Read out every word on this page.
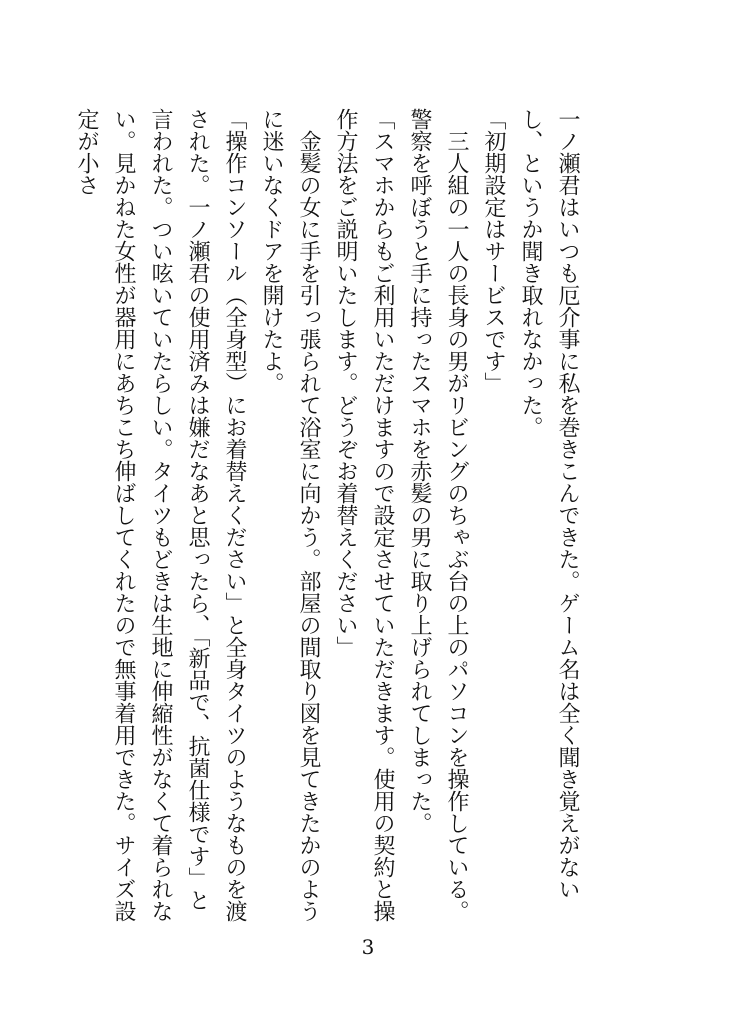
一ノ瀬君はいつも厄介事に私を巻きこんできた。ゲーム名は全く聞き覚えがないし、というか聞き取れなかった。

「初期設定はサービスです」

三人組の一人の長身の男がリビングのちゃぶ台の上のパソコンを操作している。警察を呼ぼうと手に持ったスマホを赤髪の男に取り上げられてしまった。

「スマホからもご利用いただけますので設定させていただきます。使用の契約と操作方法をご説明いたします。どうぞお着替えください」

金髪の女に手を引っ張られて浴室に向かう。部屋の間取り図を見てきたかのように迷いなくドアを開けたよ。

「操作コンソール（全身型）にお着替えください」と全身タイツのようなものを渡された。一ノ瀬君の使用済みは嫌だなあと思ったら、「新品で、抗菌仕様です」と言われた。つい呟いていたらしい。タイツもどきは生地に伸縮性がなくて着られない。見かねた女性が器用にあちこち伸ばしてくれたので無事着用できた。サイズ設定が小さ

3
